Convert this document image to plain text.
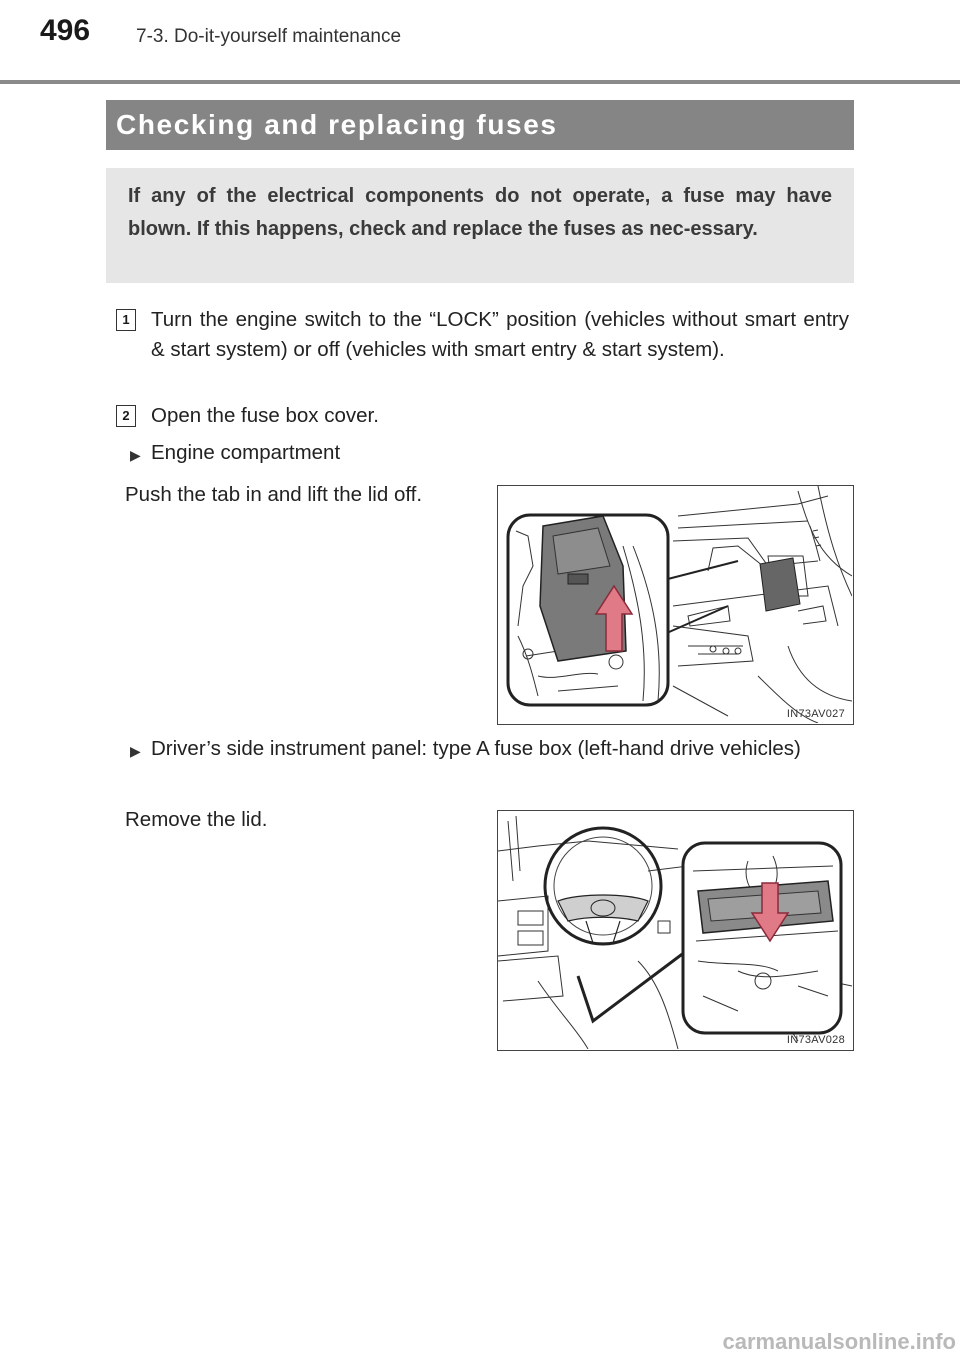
496 7-3. Do-it-yourself maintenance
Checking and replacing fuses
If any of the electrical components do not operate, a fuse may have blown. If this happens, check and replace the fuses as nec-essary.
1	Turn the engine switch to the “LOCK” position (vehicles without smart entry & start system) or off (vehicles with smart entry & start system).
2	Open the fuse box cover.
▶ Engine compartment
Push the tab in and lift the lid off.
IN73AV027
▶ Driver’s side instrument panel: type A fuse box (left-hand drive vehicles)
Remove the lid.
IN73AV028
carmanualsonline.info
